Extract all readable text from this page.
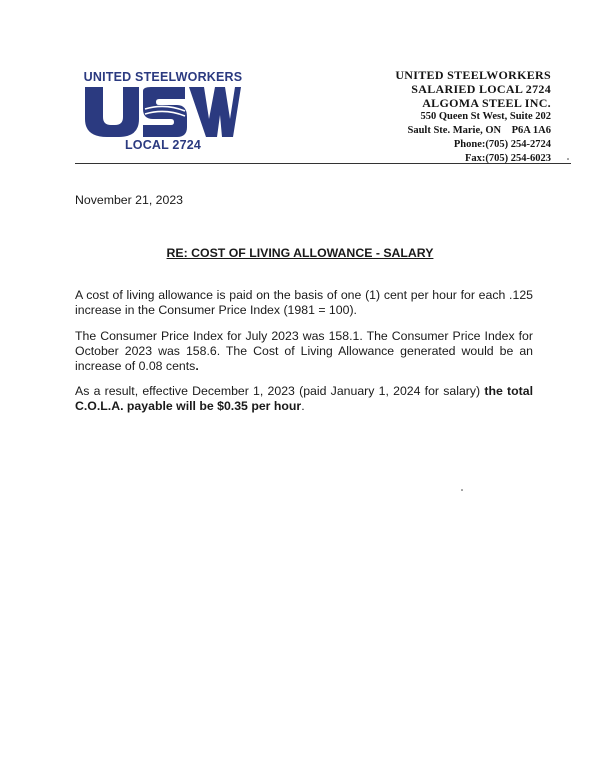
UNITED STEELWORKERS
LOCAL 2724
UNITED STEELWORKERS
SALARIED LOCAL 2724
ALGOMA STEEL INC.
550 Queen St West, Suite 202
Sault Ste. Marie, ON    P6A 1A6
Phone:(705) 254-2724
Fax:(705) 254-6023
November 21, 2023
RE: COST OF LIVING ALLOWANCE - SALARY
A cost of living allowance is paid on the basis of one (1) cent per hour for each .125 increase in the Consumer Price Index (1981 = 100).
The Consumer Price Index for July 2023 was 158.1. The Consumer Price Index for October 2023 was 158.6. The Cost of Living Allowance generated would be an increase of 0.08 cents.
As a result, effective December 1, 2023 (paid January 1, 2024 for salary) the total C.O.L.A. payable will be $0.35 per hour.
